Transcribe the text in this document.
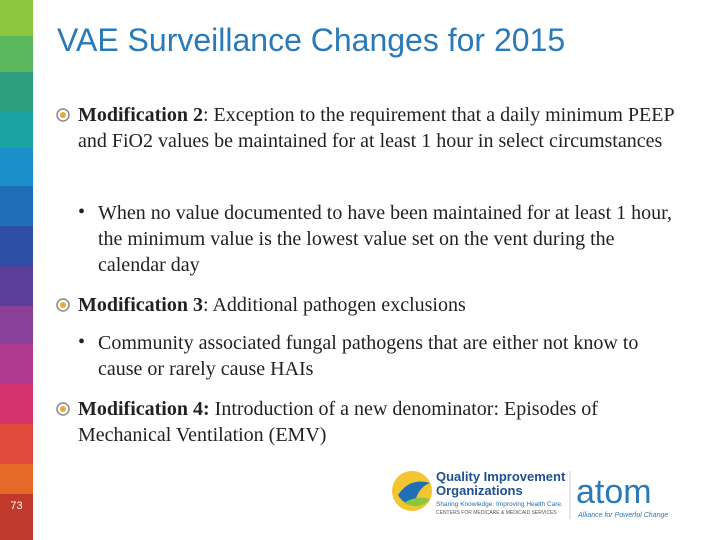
73
VAE Surveillance Changes for 2015
Modification 2: Exception to the requirement that a daily minimum PEEP and FiO2 values be maintained for at least 1 hour in select circumstances
• When no value documented to have been maintained for at least 1 hour, the minimum value is the lowest value set on the vent during the calendar day
Modification 3: Additional pathogen exclusions
• Community associated fungal pathogens that are either not know to cause or rarely cause HAIs
Modification 4: Introduction of a new denominator: Episodes of Mechanical Ventilation (EMV)
Quality Improvement
Organizations
Sharing Knowledge. Improving Health Care.
CENTERS FOR MEDICARE & MEDICAID SERVICES
atom
Alliance for Powerful Change
